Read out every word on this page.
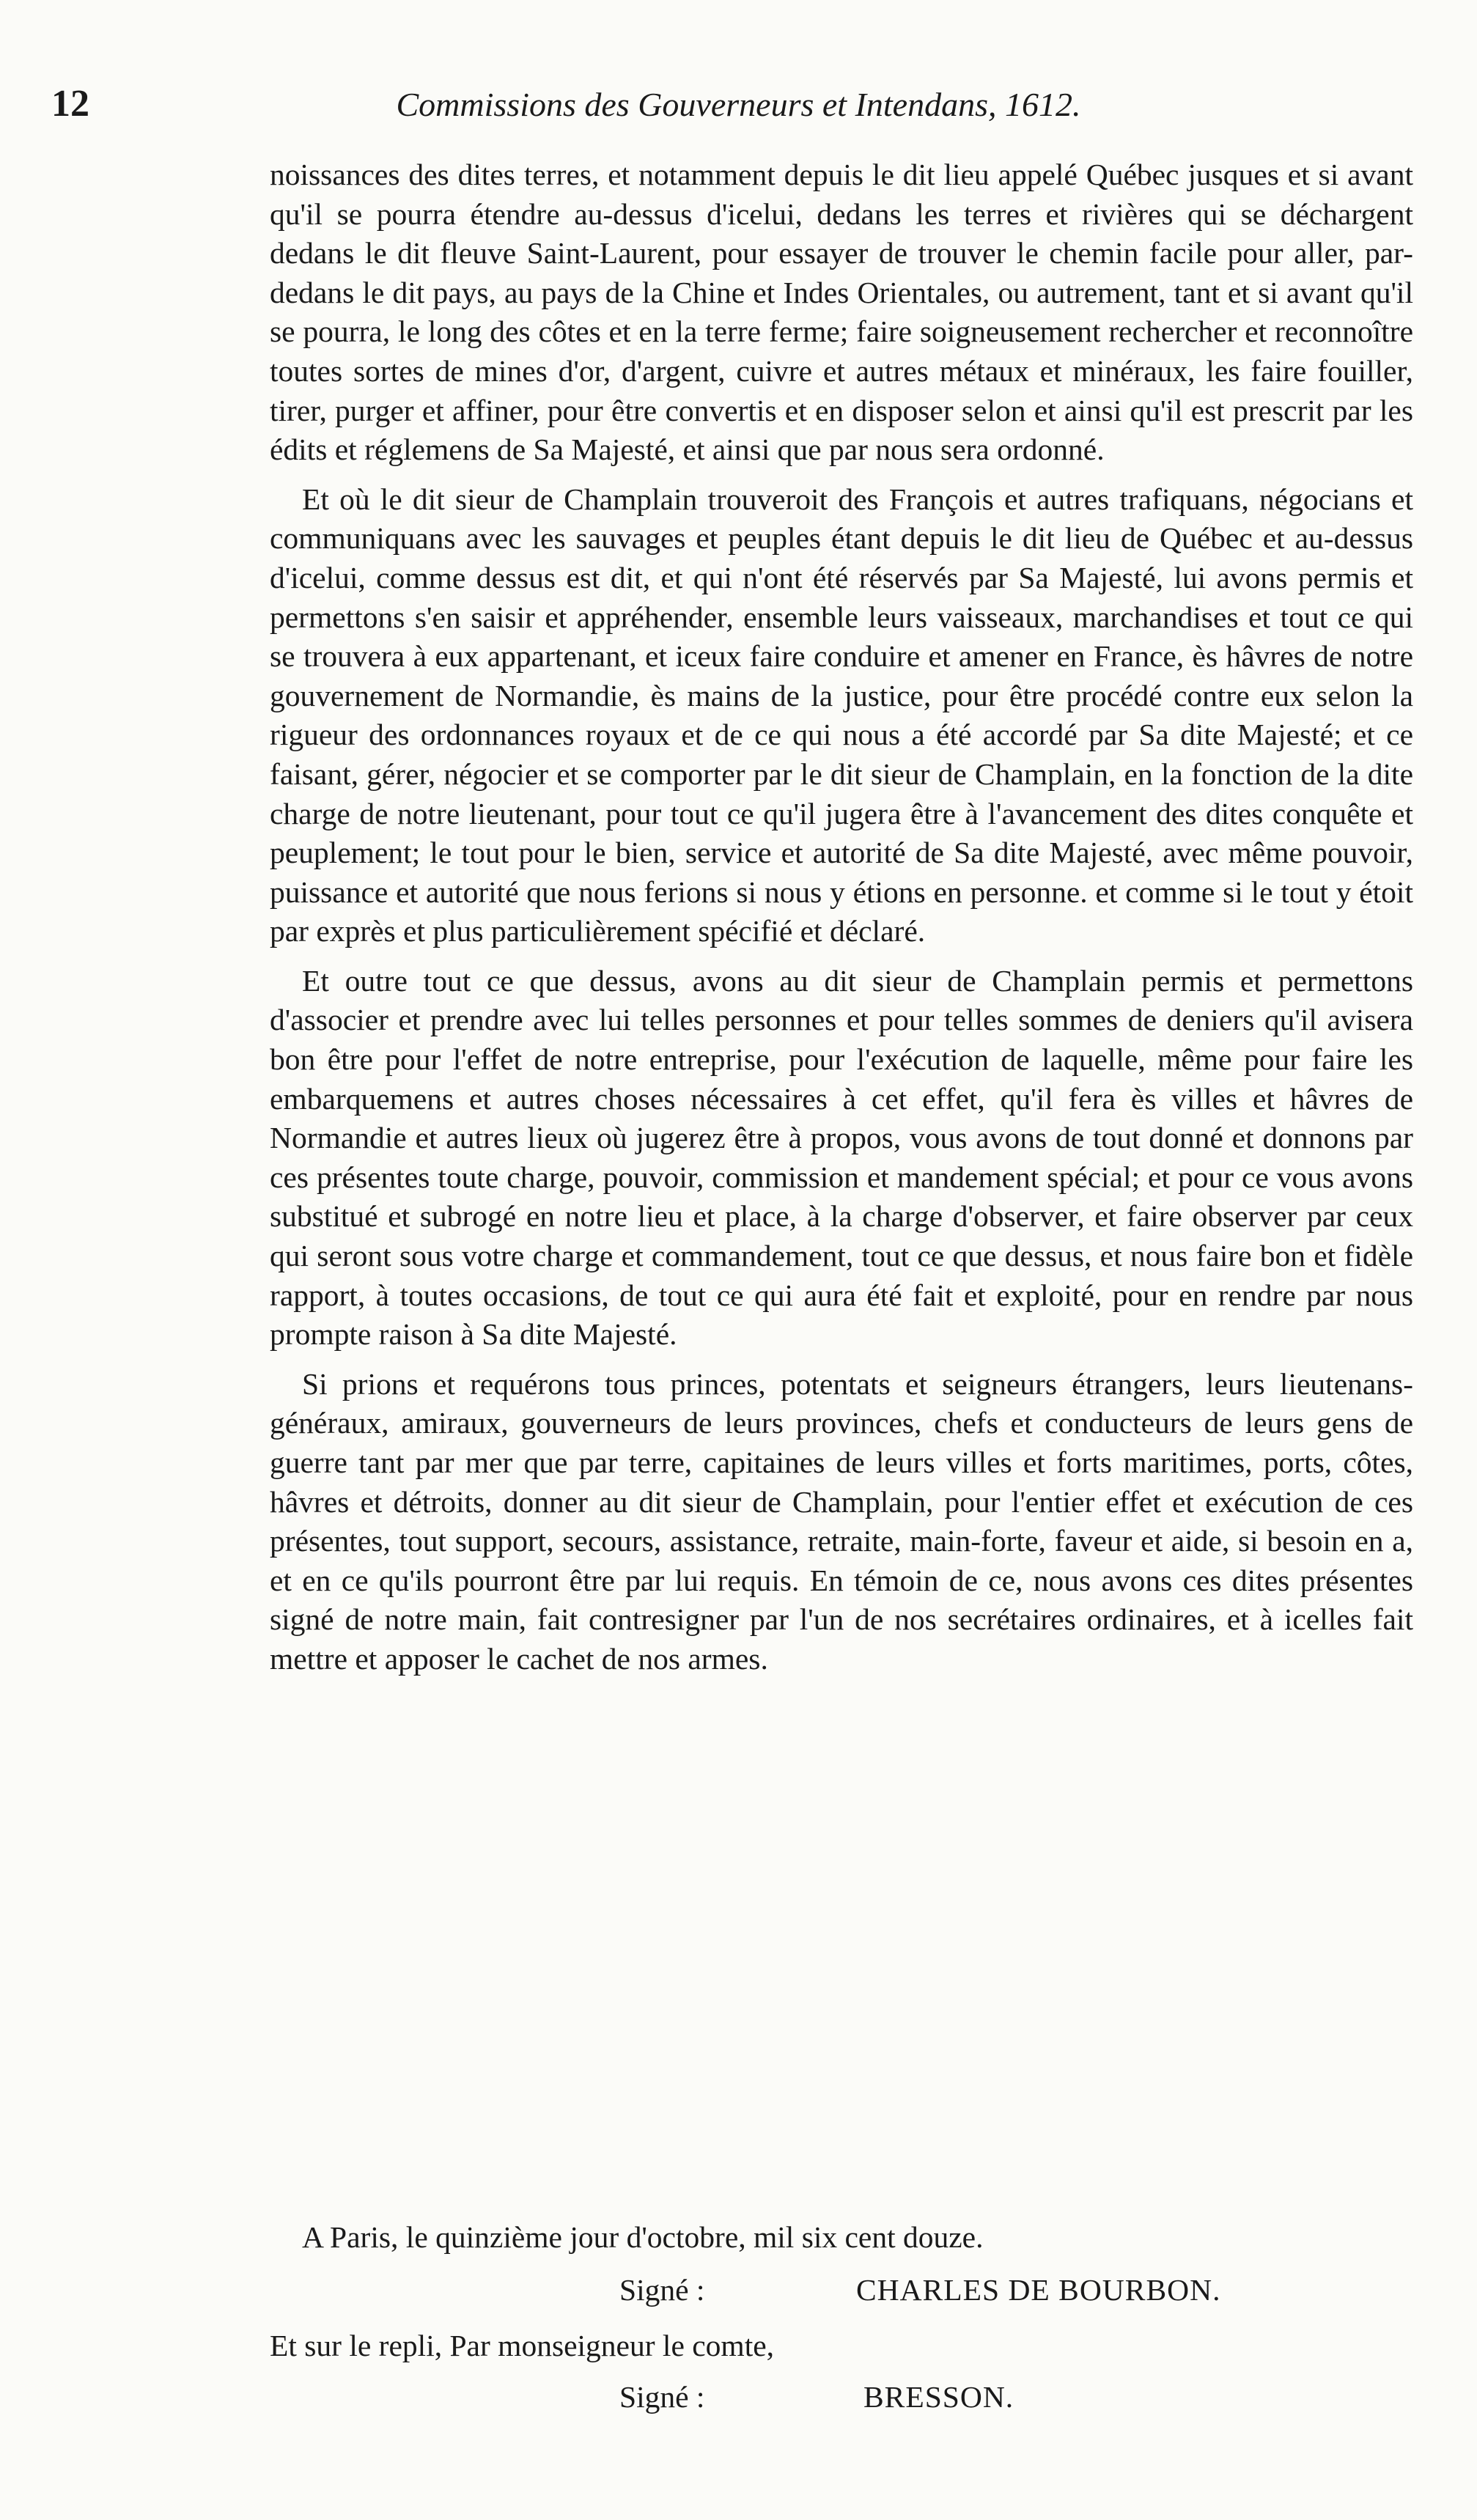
12	Commissions des Gouverneurs et Intendans, 1612.

noissances des dites terres, et notamment depuis le dit lieu appelé Québec jusques et si avant qu'il se pourra étendre au-dessus d'icelui, dedans les terres et rivières qui se déchargent dedans le dit fleuve Saint-Laurent, pour essayer de trouver le chemin facile pour aller, par-dedans le dit pays, au pays de la Chine et Indes Orientales, ou autrement, tant et si avant qu'il se pourra, le long des côtes et en la terre ferme; faire soigneusement rechercher et reconnoître toutes sortes de mines d'or, d'argent, cuivre et autres métaux et minéraux, les faire fouiller, tirer, purger et affiner, pour être convertis et en disposer selon et ainsi qu'il est prescrit par les édits et réglemens de Sa Majesté, et ainsi que par nous sera ordonné.

Et où le dit sieur de Champlain trouveroit des François et autres trafiquans, négocians et communiquans avec les sauvages et peuples étant depuis le dit lieu de Québec et au-dessus d'icelui, comme dessus est dit, et qui n'ont été réservés par Sa Majesté, lui avons permis et permettons s'en saisir et appréhender, ensemble leurs vaisseaux, marchandises et tout ce qui se trouvera à eux appartenant, et iceux faire conduire et amener en France, ès hâvres de notre gouvernement de Normandie, ès mains de la justice, pour être procédé contre eux selon la rigueur des ordonnances royaux et de ce qui nous a été accordé par Sa dite Majesté; et ce faisant, gérer, négocier et se comporter par le dit sieur de Champlain, en la fonction de la dite charge de notre lieutenant, pour tout ce qu'il jugera être à l'avancement des dites conquête et peuplement; le tout pour le bien, service et autorité de Sa dite Majesté, avec même pouvoir, puissance et autorité que nous ferions si nous y étions en personne. et comme si le tout y étoit par exprès et plus particulièrement spécifié et déclaré.

Et outre tout ce que dessus, avons au dit sieur de Champlain permis et permettons d'associer et prendre avec lui telles personnes et pour telles sommes de deniers qu'il avisera bon être pour l'effet de notre entreprise, pour l'exécution de laquelle, même pour faire les embarquemens et autres choses nécessaires à cet effet, qu'il fera ès villes et hâvres de Normandie et autres lieux où jugerez être à propos, vous avons de tout donné et donnons par ces présentes toute charge, pouvoir, commission et mandement spécial; et pour ce vous avons substitué et subrogé en notre lieu et place, à la charge d'observer, et faire observer par ceux qui seront sous votre charge et commandement, tout ce que dessus, et nous faire bon et fidèle rapport, à toutes occasions, de tout ce qui aura été fait et exploité, pour en rendre par nous prompte raison à Sa dite Majesté.

Si prions et requérons tous princes, potentats et seigneurs étrangers, leurs lieutenans-généraux, amiraux, gouverneurs de leurs provinces, chefs et conducteurs de leurs gens de guerre tant par mer que par terre, capitaines de leurs villes et forts maritimes, ports, côtes, hâvres et détroits, donner au dit sieur de Champlain, pour l'entier effet et exécution de ces présentes, tout support, secours, assistance, retraite, main-forte, faveur et aide, si besoin en a, et en ce qu'ils pourront être par lui requis. En témoin de ce, nous avons ces dites présentes signé de notre main, fait contresigner par l'un de nos secrétaires ordinaires, et à icelles fait mettre et apposer le cachet de nos armes.

A Paris, le quinzième jour d'octobre, mil six cent douze.
Signé :	CHARLES DE BOURBON.
Et sur le repli, Par monseigneur le comte,
Signé :	BRESSON.
